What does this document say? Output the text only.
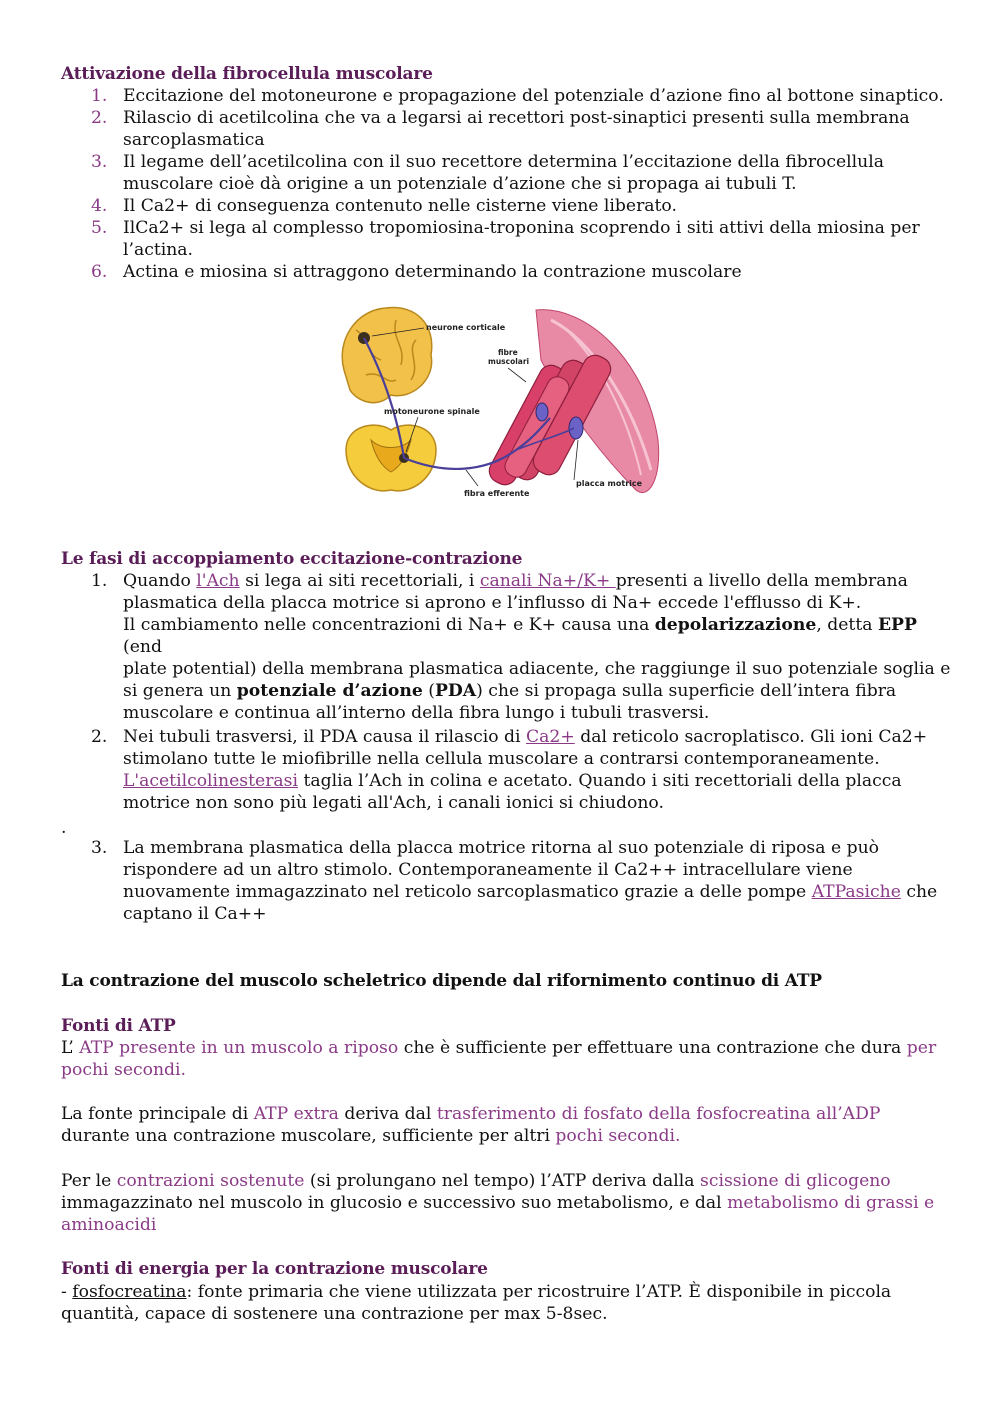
Attivazione della fibrocellula muscolare
1. Eccitazione del motoneurone e propagazione del potenziale d’azione fino al bottone sinaptico.
2. Rilascio di acetilcolina che va a legarsi ai recettori post-sinaptici presenti sulla membrana
sarcoplasmatica
3. Il legame dell’acetilcolina con il suo recettore determina l’eccitazione della fibrocellula
muscolare cioè dà origine a un potenziale d’azione che si propaga ai tubuli T.
4. Il Ca2+ di conseguenza contenuto nelle cisterne viene liberato.
5. IlCa2+ si lega al complesso tropomiosina-troponina scoprendo i siti attivi della miosina per
l’actina.
6. Actina e miosina si attraggono determinando la contrazione muscolare
neurone corticale
fibre
muscolari
motoneurone spinale
fibra efferente
placca motrice
Le fasi di accoppiamento eccitazione-contrazione
1. Quando l'Ach si lega ai siti recettoriali, i canali Na+/K+ presenti a livello della membrana
plasmatica della placca motrice si aprono e l’influsso di Na+ eccede l'efflusso di K+.
Il cambiamento nelle concentrazioni di Na+ e K+ causa una depolarizzazione, detta EPP (end
plate potential) della membrana plasmatica adiacente, che raggiunge il suo potenziale soglia e
si genera un potenziale d’azione (PDA) che si propaga sulla superficie dell’intera fibra
muscolare e continua all’interno della fibra lungo i tubuli trasversi.
2. Nei tubuli trasversi, il PDA causa il rilascio di Ca2+ dal reticolo sacroplatisco. Gli ioni Ca2+
stimolano tutte le miofibrille nella cellula muscolare a contrarsi contemporaneamente.
L'acetilcolinesterasi taglia l’Ach in colina e acetato. Quando i siti recettoriali della placca
motrice non sono più legati all'Ach, i canali ionici si chiudono.
.
3. La membrana plasmatica della placca motrice ritorna al suo potenziale di riposa e può
rispondere ad un altro stimolo. Contemporaneamente il Ca2++ intracellulare viene
nuovamente immagazzinato nel reticolo sarcoplasmatico grazie a delle pompe ATPasiche che
captano il Ca++
La contrazione del muscolo scheletrico dipende dal rifornimento continuo di ATP
Fonti di ATP
L’ ATP presente in un muscolo a riposo che è sufficiente per effettuare una contrazione che dura per
pochi secondi.
La fonte principale di ATP extra deriva dal trasferimento di fosfato della fosfocreatina all’ADP
durante una contrazione muscolare, sufficiente per altri pochi secondi.
Per le contrazioni sostenute (si prolungano nel tempo) l’ATP deriva dalla scissione di glicogeno
immagazzinato nel muscolo in glucosio e successivo suo metabolismo, e dal metabolismo di grassi e
aminoacidi
Fonti di energia per la contrazione muscolare
- fosfocreatina: fonte primaria che viene utilizzata per ricostruire l’ATP. È disponibile in piccola
quantità, capace di sostenere una contrazione per max 5-8sec.
